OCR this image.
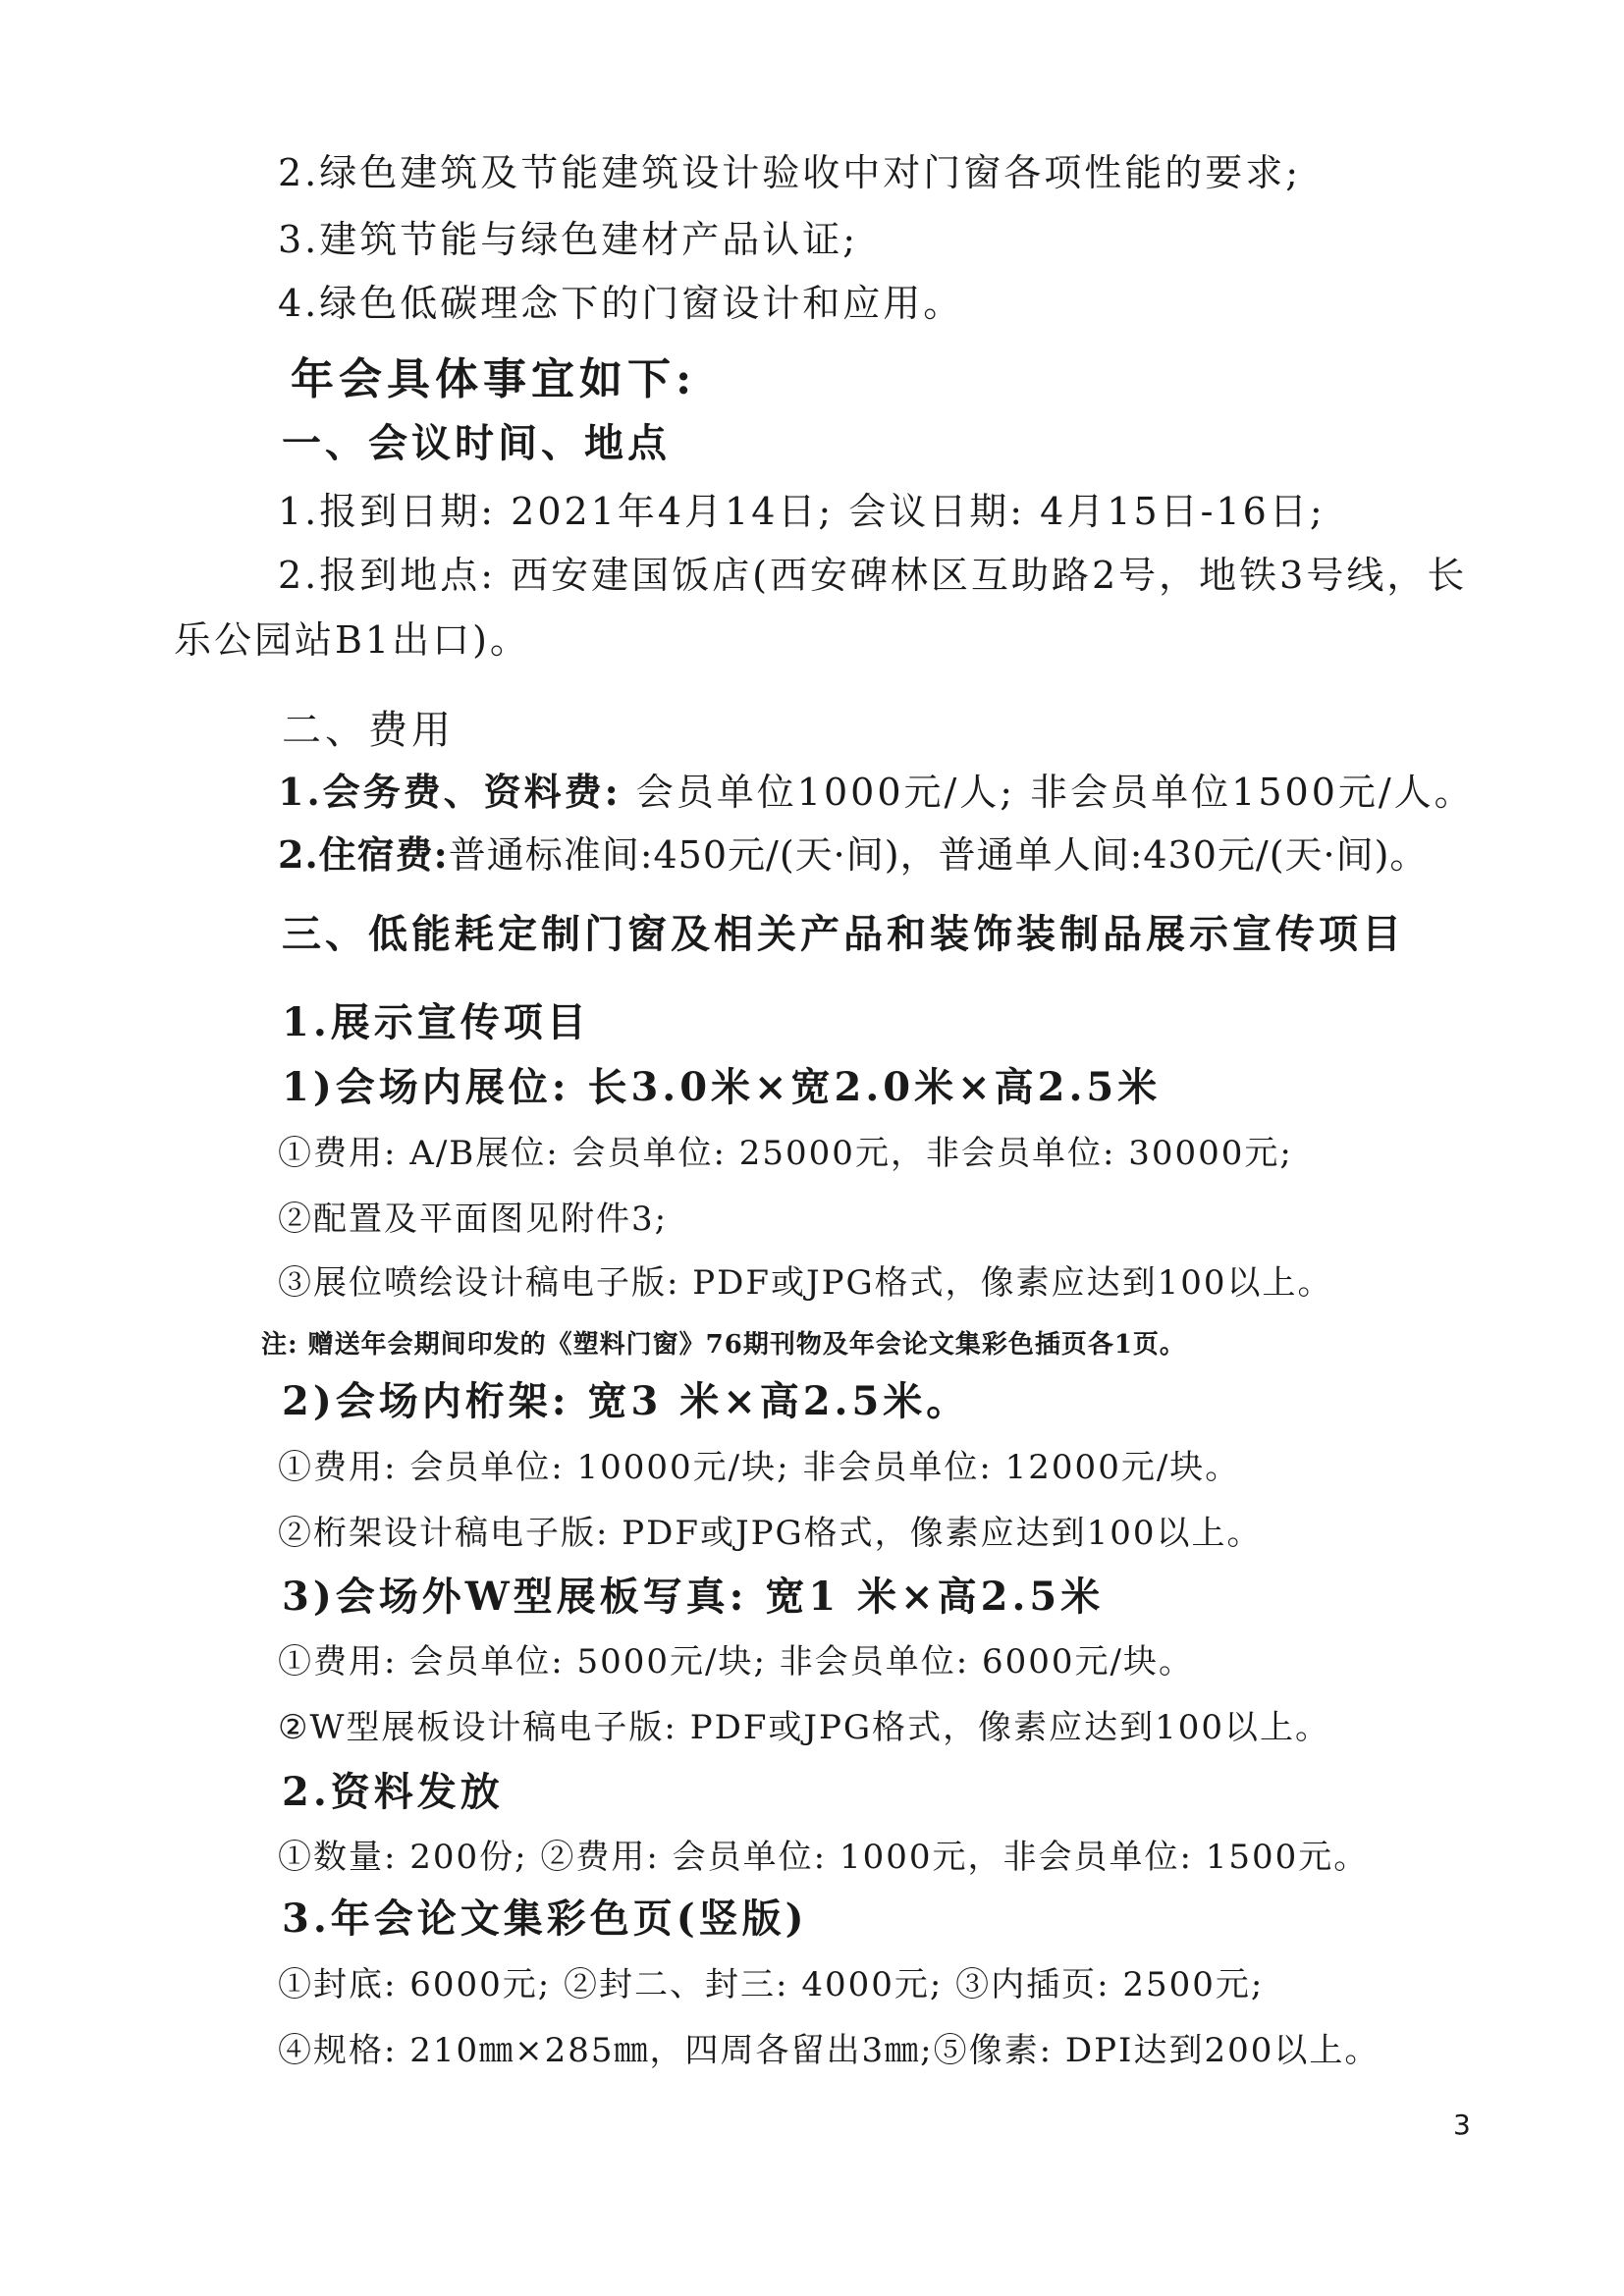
2.绿色建筑及节能建筑设计验收中对门窗各项性能的要求;
3.建筑节能与绿色建材产品认证;
4.绿色低碳理念下的门窗设计和应用。
年会具体事宜如下:
一、会议时间、地点
1.报到日期: 2021年4月14日; 会议日期: 4月15日-16日;
2.报到地点: 西安建国饭店(西安碑林区互助路2号，地铁3号线，长
乐公园站B1出口)。
二、费用
1.会务费、资料费: 会员单位1000元/人; 非会员单位1500元/人。
2.住宿费:普通标准间:450元/(天·间)，普通单人间:430元/(天·间)。
三、低能耗定制门窗及相关产品和装饰装制品展示宣传项目
1.展示宣传项目
1)会场内展位: 长3.0米×宽2.0米×高2.5米
①费用: A/B展位: 会员单位: 25000元，非会员单位: 30000元;
②配置及平面图见附件3;
③展位喷绘设计稿电子版: PDF或JPG格式，像素应达到100以上。
注: 赠送年会期间印发的《塑料门窗》76期刊物及年会论文集彩色插页各1页。
2)会场内桁架: 宽3 米×高2.5米。
①费用: 会员单位: 10000元/块; 非会员单位: 12000元/块。
②桁架设计稿电子版: PDF或JPG格式，像素应达到100以上。
3)会场外W型展板写真: 宽1 米×高2.5米
①费用: 会员单位: 5000元/块; 非会员单位: 6000元/块。
②W型展板设计稿电子版: PDF或JPG格式，像素应达到100以上。
2.资料发放
①数量: 200份; ②费用: 会员单位: 1000元，非会员单位: 1500元。
3.年会论文集彩色页(竖版)
①封底: 6000元; ②封二、封三: 4000元; ③内插页: 2500元;
④规格: 210㎜×285㎜，四周各留出3㎜;⑤像素: DPI达到200以上。
3
